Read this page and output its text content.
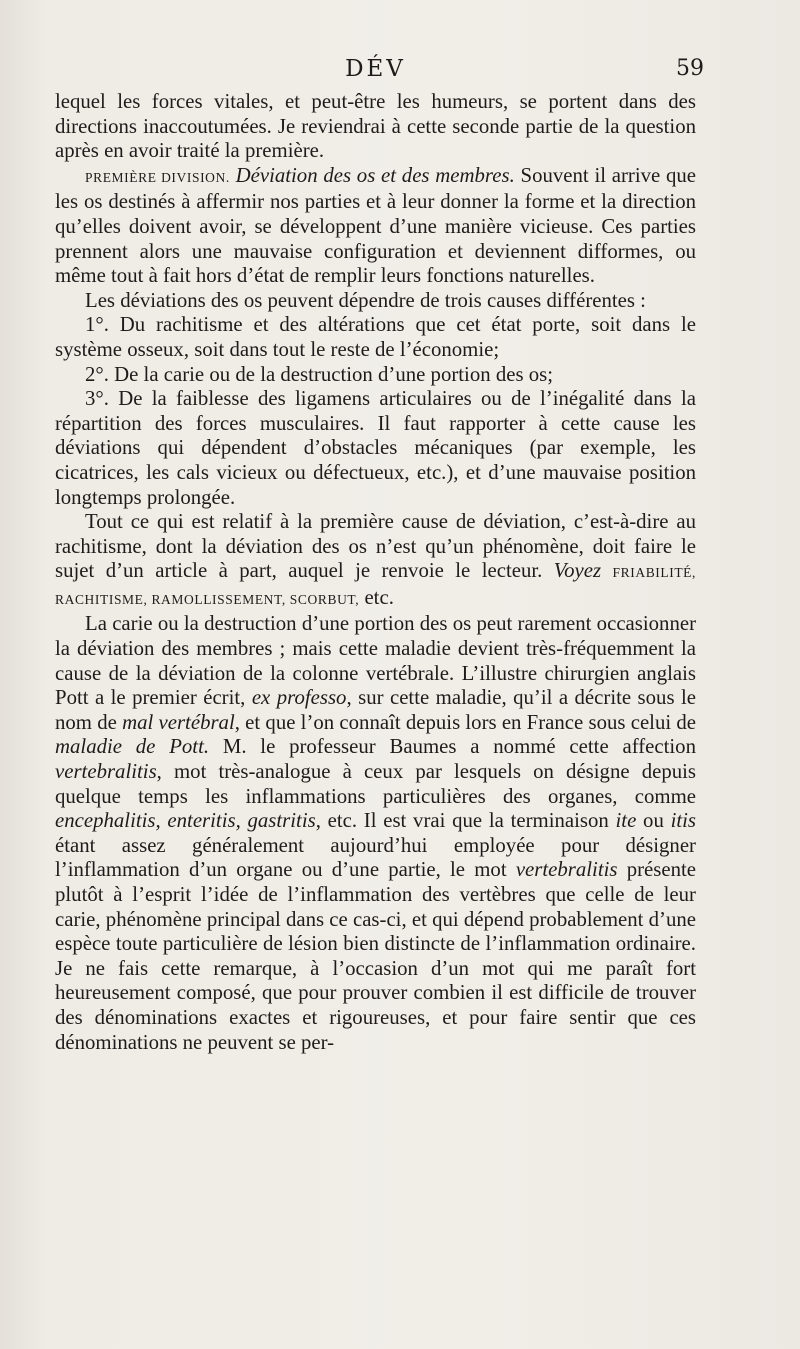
DÉV	59

lequel les forces vitales, et peut-être les humeurs, se portent dans des directions inaccoutumées. Je reviendrai à cette seconde partie de la question après en avoir traité la première.

PREMIÈRE DIVISION. Déviation des os et des membres. Souvent il arrive que les os destinés à affermir nos parties et à leur donner la forme et la direction qu’elles doivent avoir, se développent d’une manière vicieuse. Ces parties prennent alors une mauvaise configuration et deviennent difformes, ou même tout à fait hors d’état de remplir leurs fonctions naturelles.

Les déviations des os peuvent dépendre de trois causes différentes :

1°. Du rachitisme et des altérations que cet état porte, soit dans le système osseux, soit dans tout le reste de l’économie;

2°. De la carie ou de la destruction d’une portion des os;

3°. De la faiblesse des ligamens articulaires ou de l’inégalité dans la répartition des forces musculaires. Il faut rapporter à cette cause les déviations qui dépendent d’obstacles mécaniques (par exemple, les cicatrices, les cals vicieux ou défectueux, etc.), et d’une mauvaise position longtemps prolongée.

Tout ce qui est relatif à la première cause de déviation, c’est-à-dire au rachitisme, dont la déviation des os n’est qu’un phénomène, doit faire le sujet d’un article à part, auquel je renvoie le lecteur. Voyez FRIABILITÉ, RACHITISME, RAMOLLISSEMENT, SCORBUT, etc.

La carie ou la destruction d’une portion des os peut rarement occasionner la déviation des membres ; mais cette maladie devient très-fréquemment la cause de la déviation de la colonne vertébrale. L’illustre chirurgien anglais Pott a le premier écrit, ex professo, sur cette maladie, qu’il a décrite sous le nom de mal vertébral, et que l’on connaît depuis lors en France sous celui de maladie de Pott. M. le professeur Baumes a nommé cette affection vertebralitis, mot très-analogue à ceux par lesquels on désigne depuis quelque temps les inflammations particulières des organes, comme encephalitis, enteritis, gastritis, etc. Il est vrai que la terminaison ite ou itis étant assez généralement aujourd’hui employée pour désigner l’inflammation d’un organe ou d’une partie, le mot vertebralitis présente plutôt à l’esprit l’idée de l’inflammation des vertèbres que celle de leur carie, phénomène principal dans ce cas-ci, et qui dépend probablement d’une espèce toute particulière de lésion bien distincte de l’inflammation ordinaire. Je ne fais cette remarque, à l’occasion d’un mot qui me paraît fort heureusement composé, que pour prouver combien il est difficile de trouver des dénominations exactes et rigoureuses, et pour faire sentir que ces dénominations ne peuvent se per-
